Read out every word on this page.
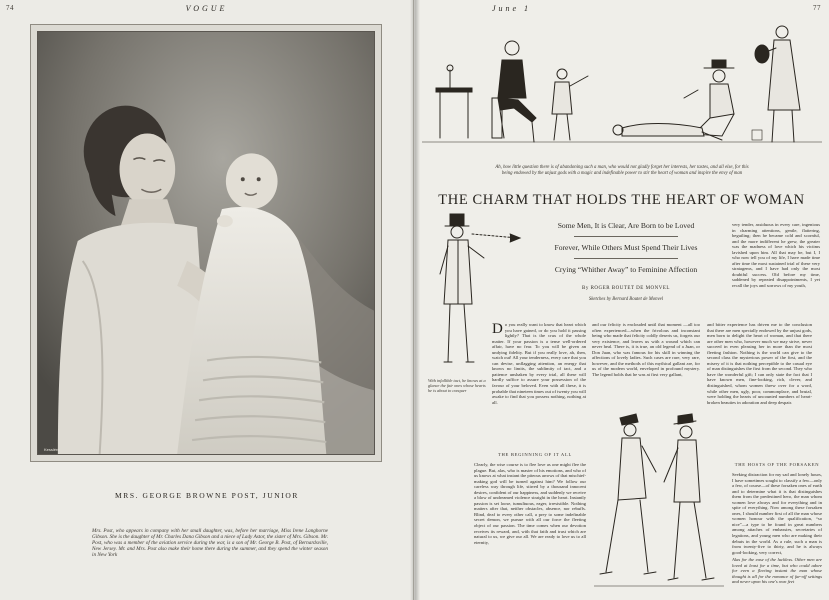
74	VOGUE
Kesslére
MRS. GEORGE BROWNE POST, JUNIOR
Mrs. Post, who appears in company with her small daughter, was, before her marriage, Miss Irene Langhorne Gibson. She is the daughter of Mr. Charles Dana Gibson and a niece of Lady Astor, the sister of Mrs. Gibson. Mr. Post, who was a member of the aviation service during the war, is a son of Mr. George B. Post, of Bernardsville, New Jersey. Mr. and Mrs. Post also make their home there during the summer, and they spend the winter season in New York
77
June 1
Ah, how little question there is of abandoning such a man, who would not gladly forget her interests, her tastes, and all else, for this being endowed by the unjust gods with a magic and indefinable power to stir the heart of woman and inspire the envy of man
THE CHARM THAT HOLDS THE HEART OF WOMAN
Some Men, It is Clear, Are Born to be Loved
Forever, While Others Must Spend Their Lives
Crying “Whither Away” to Feminine Affection
By ROGER BOUTET DE MONVEL
Sketches by Bernard Boutet de Monvel
With infallible tact, he knows at a glance the fair ones whose hearts he is about to conquer

very tender, assiduous in every care, ingenious in charming attentions, gentle, flattering, beguiling; then he became cold and scornful, and the more indifferent he grew, the greater was the madness of love which his victims lavished upon him. All that may be, but I, I who now tell you of my life, I have made time after time the most sustained trial of these very stratagems, and I have had only the most doubtful success. Old before my time, saddened by repeated disappointments, I yet recall the joys and sorrows of my youth,

D o you really want to know that heart which you have gained, or do you hold it passing lightly? That is the crux of the whole matter. If your passion is a tense well-ordered affair, have no fear. To you will be given an undying fidelity. But if you really love, ah, then, watch out! All your tenderness, every care that you can devise, unflagging attention, an energy that knows no limits, the sublimity of tact, and a patience unshaken by every trial, all these will hardly suffice to assure your possession of the favour of your beloved. Even with all these, it is probable that nineteen times out of twenty you will awake to find that you possess nothing, nothing at all.

and our felicity is enclouded until that moment —all too often experienced—when the frivolous and inconstant being who made that felicity coldly deserts us, forgets our very existence, and leaves us with a wound which can never heal. There is, it is true, an old legend of a Juan, or Don Juan, who was famous for his skill in winning the affections of lovely ladies. Such cases are rare, very rare, however, and the methods of this mythical gallant are, for us of the modern world, enveloped in profound mystery. The legend holds that he was at first very gallant,

and bitter experience has driven me to the conclusion that there are men specially endowed by the unjust gods, men born to delight the heart of woman, and that there are other men who, however much we may strive, never succeed in even pleasing her in more than the most fleeting fashion. Nothing is the world can give to the second class the mysterious power of the first, and the misery of it is that nothing perceptible to the casual eye of man distinguishes the first from the second. They who have the wonderful gift; I can only state the fact that I have known men, fine-looking, rich, clever, and distinguished, whom women threw over for a word, while other men, ugly, poor, commonplace, and brutal, were holding the hearts of uncounted numbers of heart-broken beauties in adoration and deep despair.

THE BEGINNING OF IT ALL

Clearly, the wise course is to flee love as one might flee the plague. But, alas, who is master of his emotions, and who of us knows at what instant the piteous arrows of that mischief-making god will be turned against him? We follow our careless way through life, stirred by a thousand innocent desires, confident of our happiness, and suddenly we receive a blow of undreamed violence straight in the heart. Instantly passion is set loose, tumultuous, eager, irresistible. Nothing matters after that, neither obstacles, absence, nor rebuffs. Blind, deaf to every other call, a prey to some indefinable secret demon, we pursue with all our force the fleeting object of our passion. The time comes when our devotion receives its reward, and, with that faith and trust which are natural to us, we give our all. We are ready to love us to all eternity,

THE HOSTS OF THE FORSAKEN

Seeking distraction for my sad and lonely hours, I have sometimes sought to classify a few—only a few, of course—of these forsaken ones of earth and to determine what it is that distinguishes them from the predestined hero, the man whom women love always and for everything and in spite of everything. Now among these forsaken ones, I should number first of all the man whose women honour with the qualification, “so nice”—a type to be found in great numbers among attaches of embassies, secretaries of legations, and young men who are making their debuts in the world. As a rule, such a man is from twenty-five to thirty, and he is always good-looking, very correct,

Alas for the ease of the luckless. Other men are loved at least for a time, but who could adore for even a fleeting instant the man whose thought is all for the romance of far-off settings and never upon his one's own feet
